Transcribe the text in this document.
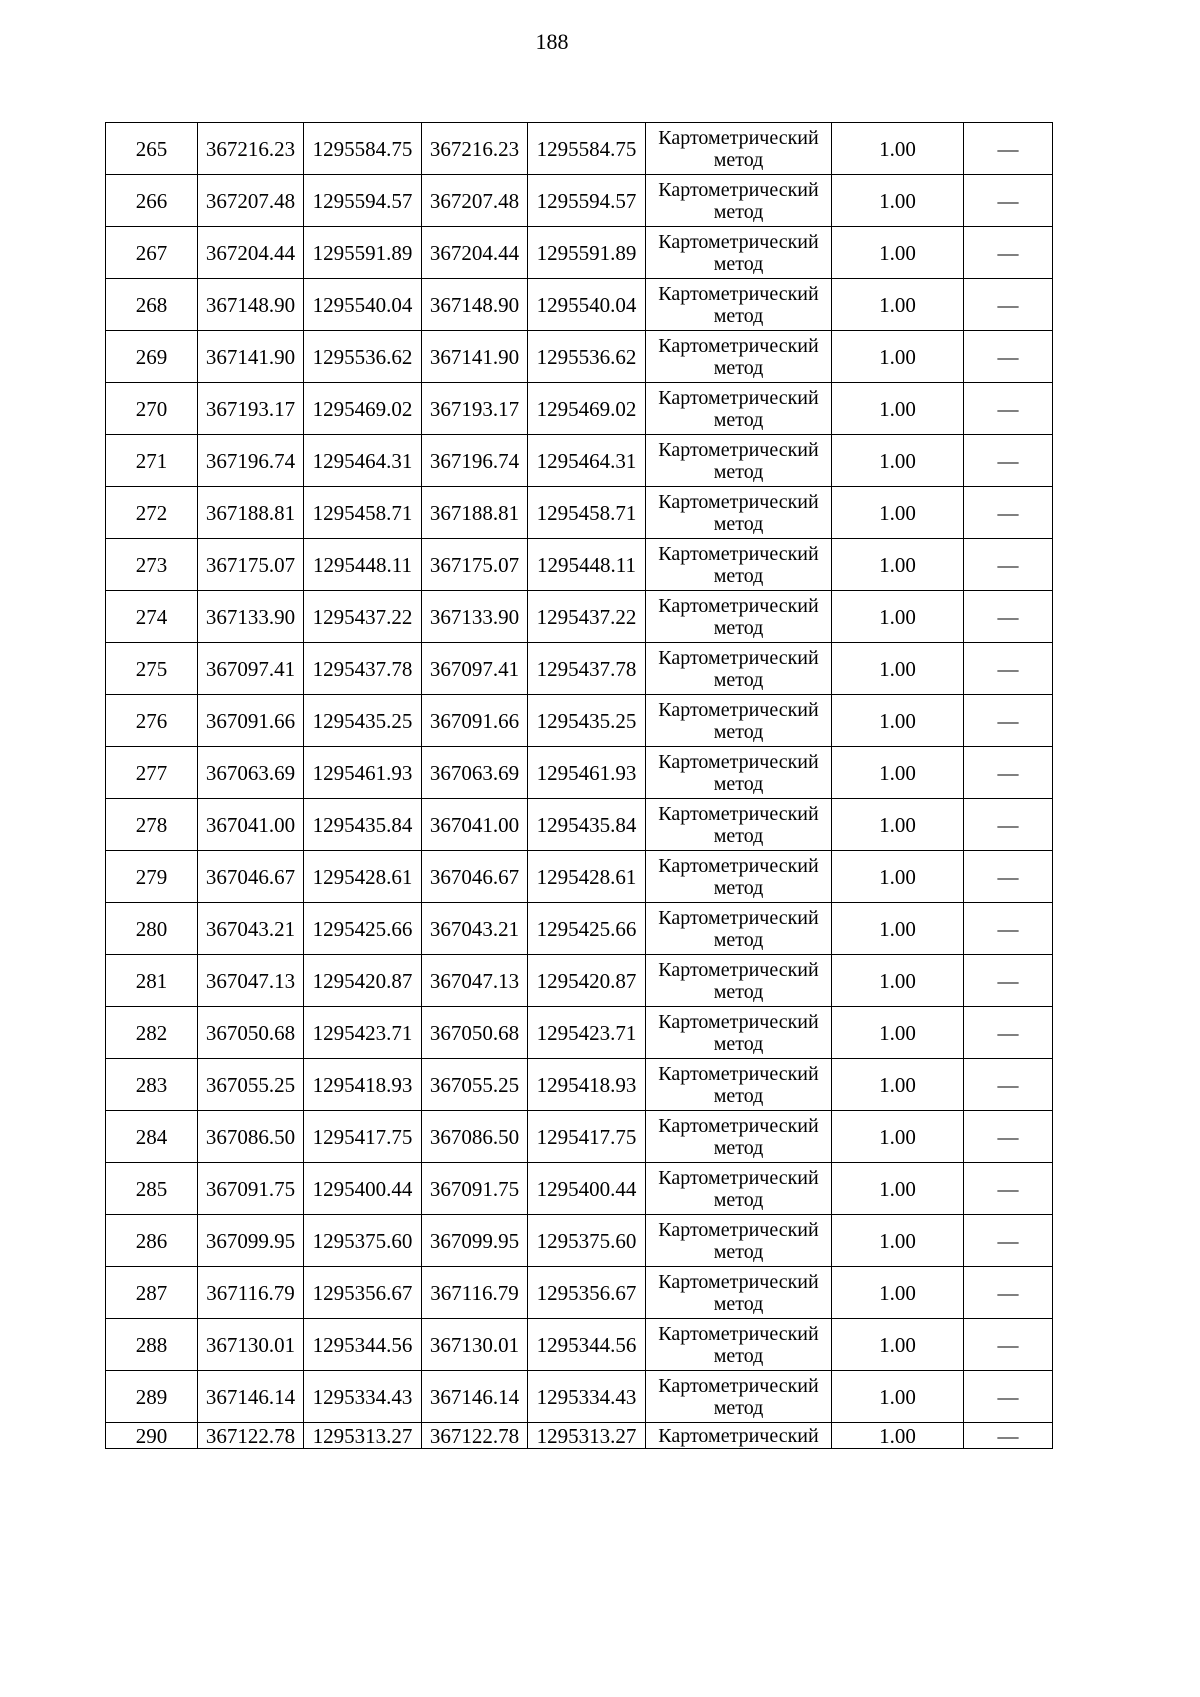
188
265	367216.23	1295584.75	367216.23	1295584.75	Картометрический метод	1.00	—
266	367207.48	1295594.57	367207.48	1295594.57	Картометрический метод	1.00	—
267	367204.44	1295591.89	367204.44	1295591.89	Картометрический метод	1.00	—
268	367148.90	1295540.04	367148.90	1295540.04	Картометрический метод	1.00	—
269	367141.90	1295536.62	367141.90	1295536.62	Картометрический метод	1.00	—
270	367193.17	1295469.02	367193.17	1295469.02	Картометрический метод	1.00	—
271	367196.74	1295464.31	367196.74	1295464.31	Картометрический метод	1.00	—
272	367188.81	1295458.71	367188.81	1295458.71	Картометрический метод	1.00	—
273	367175.07	1295448.11	367175.07	1295448.11	Картометрический метод	1.00	—
274	367133.90	1295437.22	367133.90	1295437.22	Картометрический метод	1.00	—
275	367097.41	1295437.78	367097.41	1295437.78	Картометрический метод	1.00	—
276	367091.66	1295435.25	367091.66	1295435.25	Картометрический метод	1.00	—
277	367063.69	1295461.93	367063.69	1295461.93	Картометрический метод	1.00	—
278	367041.00	1295435.84	367041.00	1295435.84	Картометрический метод	1.00	—
279	367046.67	1295428.61	367046.67	1295428.61	Картометрический метод	1.00	—
280	367043.21	1295425.66	367043.21	1295425.66	Картометрический метод	1.00	—
281	367047.13	1295420.87	367047.13	1295420.87	Картометрический метод	1.00	—
282	367050.68	1295423.71	367050.68	1295423.71	Картометрический метод	1.00	—
283	367055.25	1295418.93	367055.25	1295418.93	Картометрический метод	1.00	—
284	367086.50	1295417.75	367086.50	1295417.75	Картометрический метод	1.00	—
285	367091.75	1295400.44	367091.75	1295400.44	Картометрический метод	1.00	—
286	367099.95	1295375.60	367099.95	1295375.60	Картометрический метод	1.00	—
287	367116.79	1295356.67	367116.79	1295356.67	Картометрический метод	1.00	—
288	367130.01	1295344.56	367130.01	1295344.56	Картометрический метод	1.00	—
289	367146.14	1295334.43	367146.14	1295334.43	Картометрический метод	1.00	—
290	367122.78	1295313.27	367122.78	1295313.27	Картометрический	1.00	—
